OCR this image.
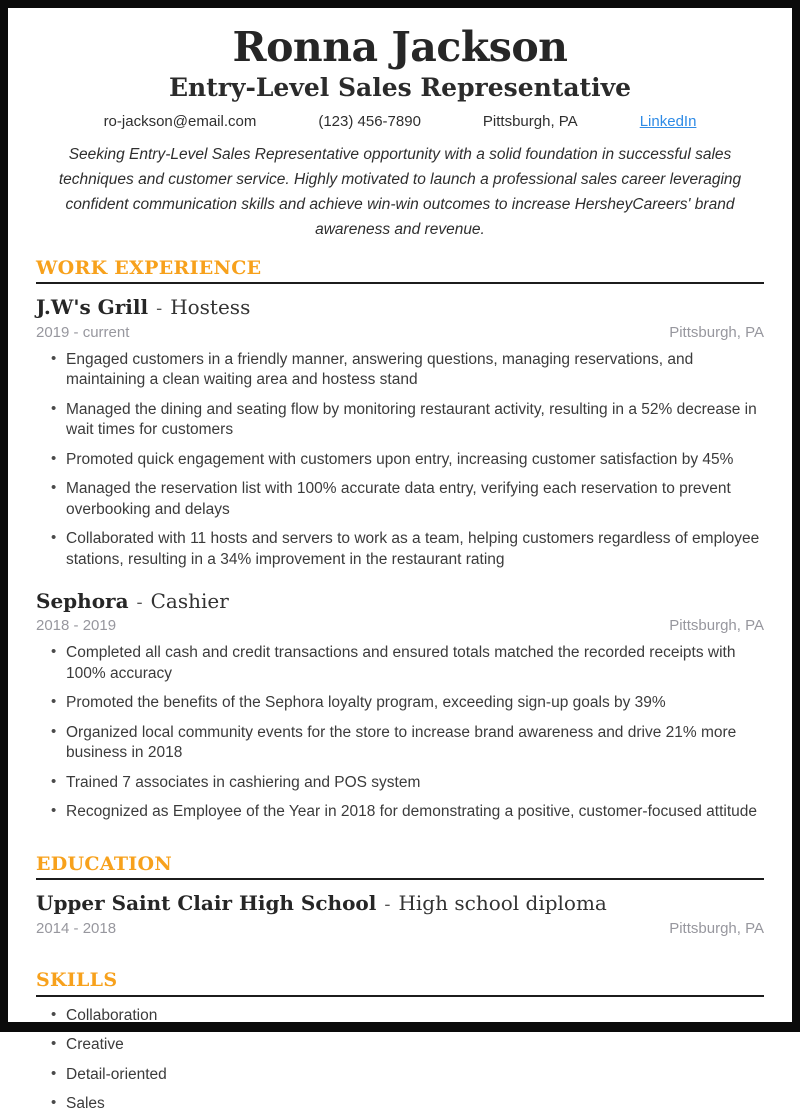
Ronna Jackson
Entry-Level Sales Representative
ro-jackson@email.com	(123) 456-7890	Pittsburgh, PA	LinkedIn
Seeking Entry-Level Sales Representative opportunity with a solid foundation in successful sales techniques and customer service. Highly motivated to launch a professional sales career leveraging confident communication skills and achieve win-win outcomes to increase HersheyCareers' brand awareness and revenue.
WORK EXPERIENCE
J.W's Grill - Hostess
2019 - current	Pittsburgh, PA
• Engaged customers in a friendly manner, answering questions, managing reservations, and maintaining a clean waiting area and hostess stand
• Managed the dining and seating flow by monitoring restaurant activity, resulting in a 52% decrease in wait times for customers
• Promoted quick engagement with customers upon entry, increasing customer satisfaction by 45%
• Managed the reservation list with 100% accurate data entry, verifying each reservation to prevent overbooking and delays
• Collaborated with 11 hosts and servers to work as a team, helping customers regardless of employee stations, resulting in a 34% improvement in the restaurant rating
Sephora - Cashier
2018 - 2019	Pittsburgh, PA
• Completed all cash and credit transactions and ensured totals matched the recorded receipts with 100% accuracy
• Promoted the benefits of the Sephora loyalty program, exceeding sign-up goals by 39%
• Organized local community events for the store to increase brand awareness and drive 21% more business in 2018
• Trained 7 associates in cashiering and POS system
• Recognized as Employee of the Year in 2018 for demonstrating a positive, customer-focused attitude
EDUCATION
Upper Saint Clair High School - High school diploma
2014 - 2018	Pittsburgh, PA
SKILLS
• Collaboration
• Creative
• Detail-oriented
• Sales
